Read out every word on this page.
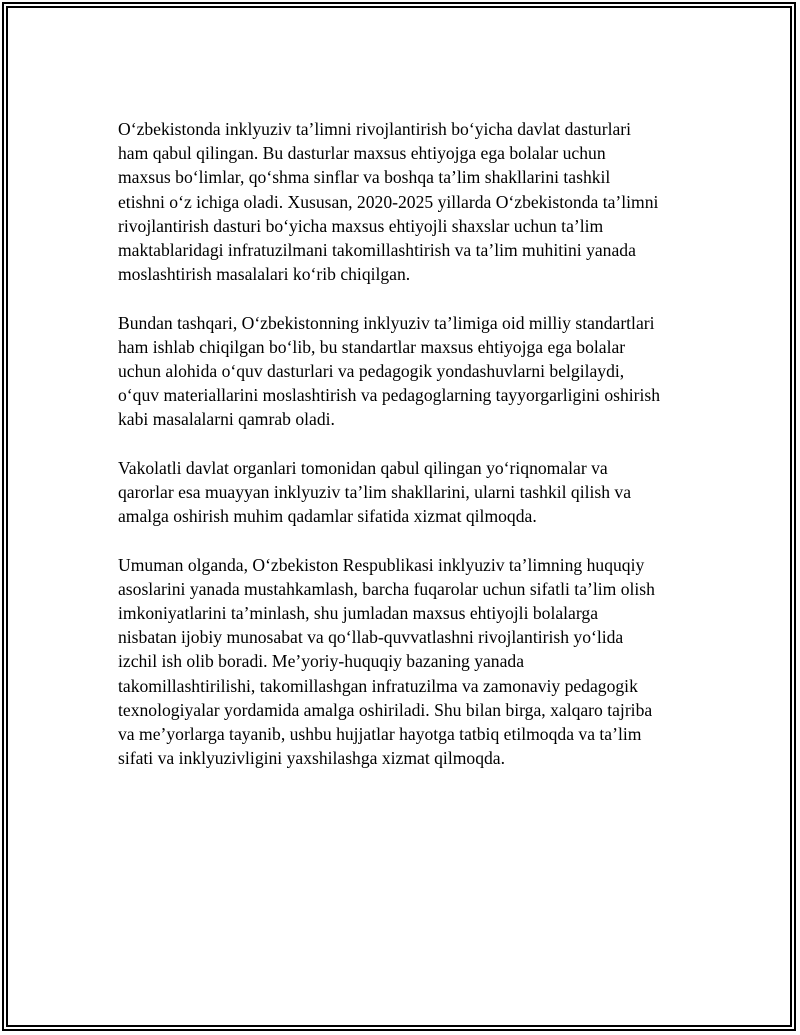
O‘zbekistonda inklyuziv ta’limni rivojlantirish bo‘yicha davlat dasturlari
ham qabul qilingan. Bu dasturlar maxsus ehtiyojga ega bolalar uchun
maxsus bo‘limlar, qo‘shma sinflar va boshqa ta’lim shakllarini tashkil
etishni o‘z ichiga oladi. Xususan, 2020-2025 yillarda O‘zbekistonda ta’limni
rivojlantirish dasturi bo‘yicha maxsus ehtiyojli shaxslar uchun ta’lim
maktablaridagi infratuzilmani takomillashtirish va ta’lim muhitini yanada
moslashtirish masalalari ko‘rib chiqilgan.

Bundan tashqari, O‘zbekistonning inklyuziv ta’limiga oid milliy standartlari
ham ishlab chiqilgan bo‘lib, bu standartlar maxsus ehtiyojga ega bolalar
uchun alohida o‘quv dasturlari va pedagogik yondashuvlarni belgilaydi,
o‘quv materiallarini moslashtirish va pedagoglarning tayyorgarligini oshirish
kabi masalalarni qamrab oladi.

Vakolatli davlat organlari tomonidan qabul qilingan yo‘riqnomalar va
qarorlar esa muayyan inklyuziv ta’lim shakllarini, ularni tashkil qilish va
amalga oshirish muhim qadamlar sifatida xizmat qilmoqda.

Umuman olganda, O‘zbekiston Respublikasi inklyuziv ta’limning huquqiy
asoslarini yanada mustahkamlash, barcha fuqarolar uchun sifatli ta’lim olish
imkoniyatlarini ta’minlash, shu jumladan maxsus ehtiyojli bolalarga
nisbatan ijobiy munosabat va qo‘llab-quvvatlashni rivojlantirish yo‘lida
izchil ish olib boradi. Me’yoriy-huquqiy bazaning yanada
takomillashtirilishi, takomillashgan infratuzilma va zamonaviy pedagogik
texnologiyalar yordamida amalga oshiriladi. Shu bilan birga, xalqaro tajriba
va me’yorlarga tayanib, ushbu hujjatlar hayotga tatbiq etilmoqda va ta’lim
sifati va inklyuzivligini yaxshilashga xizmat qilmoqda.
